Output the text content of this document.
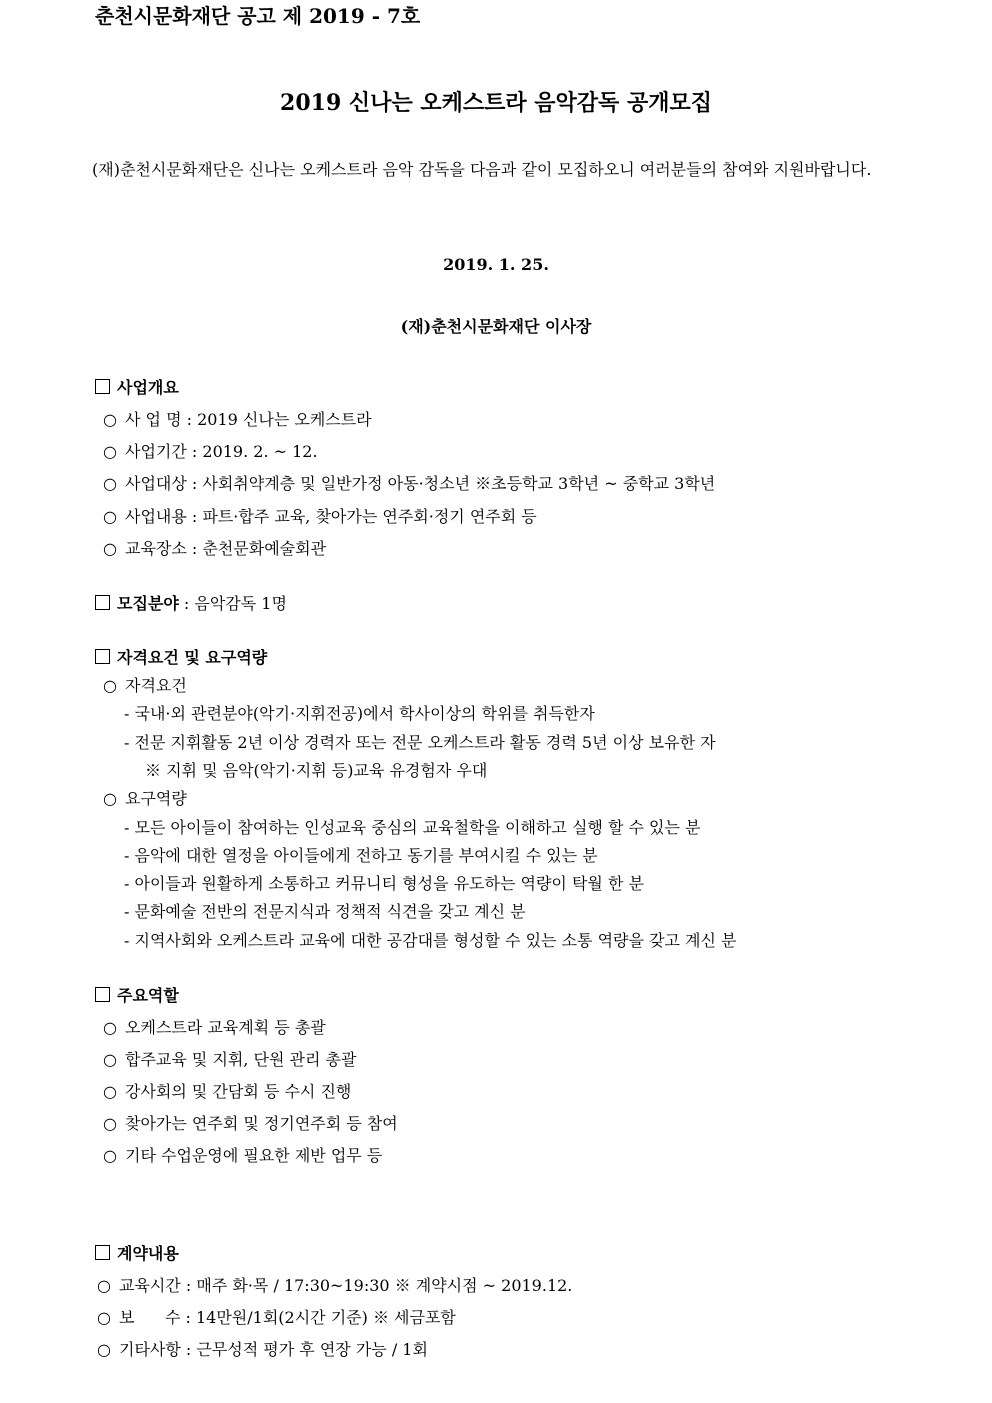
춘천시문화재단 공고 제 2019 - 7호
2019 신나는 오케스트라 음악감독 공개모집
(재)춘천시문화재단은 신나는 오케스트라 음악 감독을 다음과 같이 모집하오니 여러분들의 참여와 지원바랍니다.
2019. 1. 25.
(재)춘천시문화재단 이사장
사업개요
○ 사 업 명 : 2019 신나는 오케스트라
○ 사업기간 : 2019. 2. ~ 12.
○ 사업대상 : 사회취약계층 및 일반가정 아동·청소년 ※초등학교 3학년 ~ 중학교 3학년
○ 사업내용 : 파트·합주 교육, 찾아가는 연주회·정기 연주회 등
○ 교육장소 : 춘천문화예술회관
모집분야 : 음악감독 1명
자격요건 및 요구역량
○ 자격요건
- 국내·외 관련분야(악기·지휘전공)에서 학사이상의 학위를 취득한자
- 전문 지휘활동 2년 이상 경력자 또는 전문 오케스트라 활동 경력 5년 이상 보유한 자
※ 지휘 및 음악(악기·지휘 등)교육 유경험자 우대
○ 요구역량
- 모든 아이들이 참여하는 인성교육 중심의 교육철학을 이해하고 실행 할 수 있는 분
- 음악에 대한 열정을 아이들에게 전하고 동기를 부여시킬 수 있는 분
- 아이들과 원활하게 소통하고 커뮤니티 형성을 유도하는 역량이 탁월 한 분
- 문화예술 전반의 전문지식과 정책적 식견을 갖고 계신 분
- 지역사회와 오케스트라 교육에 대한 공감대를 형성할 수 있는 소통 역량을 갖고 계신 분
주요역할
○ 오케스트라 교육계획 등 총괄
○ 합주교육 및 지휘, 단원 관리 총괄
○ 강사회의 및 간담회 등 수시 진행
○ 찾아가는 연주회 및 정기연주회 등 참여
○ 기타 수업운영에 필요한 제반 업무 등
계약내용
○ 교육시간 : 매주 화·목 / 17:30~19:30 ※ 계약시점 ~ 2019.12.
○ 보      수 : 14만원/1회(2시간 기준) ※ 세금포함
○ 기타사항 : 근무성적 평가 후 연장 가능 / 1회
